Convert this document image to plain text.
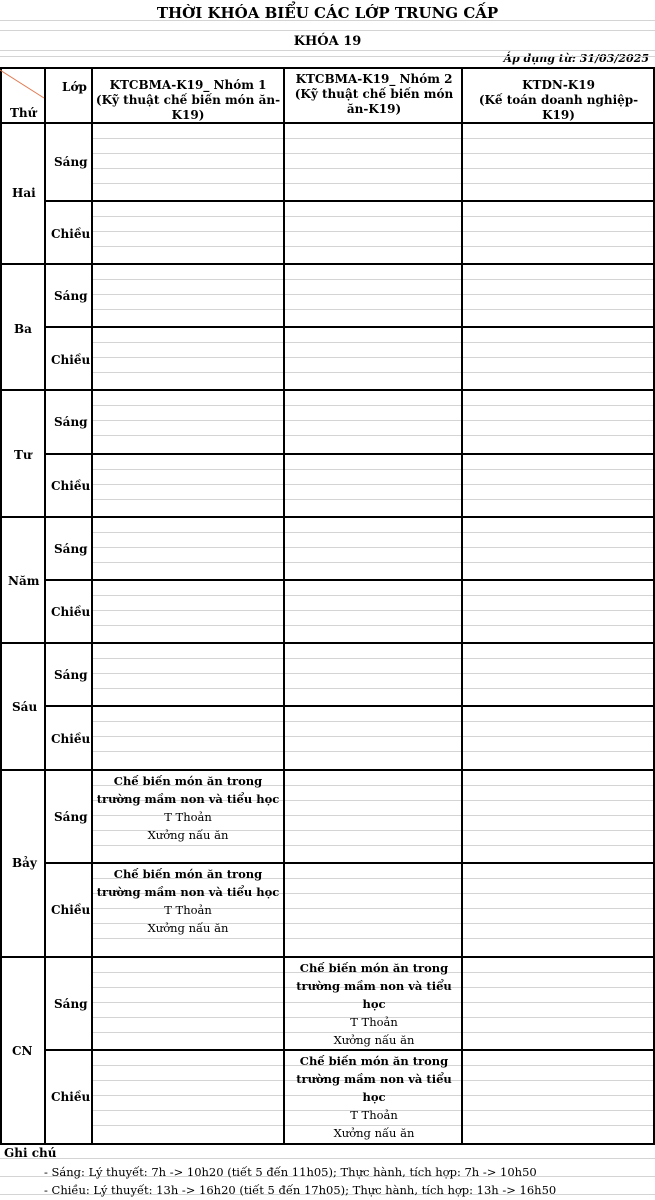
THỜI KHÓA BIỂU CÁC LỚP TRUNG CẤP
KHÓA 19
Áp dụng từ: 31/03/2025
Lớp
Thứ
KTCBMA-K19_ Nhóm 1
(Kỹ thuật chế biến món ăn-K19)
KTCBMA-K19_ Nhóm 2
(Kỹ thuật chế biến món ăn-K19)
KTDN-K19
(Kế toán doanh nghiệp-K19)
Hai
Ba
Tư
Năm
Sáu
Bảy
CN
Sáng
Chiều
Sáng
Chiều
Sáng
Chiều
Sáng
Chiều
Sáng
Chiều
Sáng
Chiều
Sáng
Chiều
Chế biến món ăn trong trường mầm non và tiểu học
T Thoản
Xưởng nấu ăn
Chế biến món ăn trong trường mầm non và tiểu học
T Thoản
Xưởng nấu ăn
Chế biến món ăn trong trường mầm non và tiểu học
T Thoản
Xưởng nấu ăn
Chế biến món ăn trong trường mầm non và tiểu học
T Thoản
Xưởng nấu ăn
Ghi chú
- Sáng: Lý thuyết: 7h -> 10h20 (tiết 5 đến 11h05); Thực hành, tích hợp: 7h -> 10h50
- Chiều: Lý thuyết: 13h -> 16h20 (tiết 5 đến 17h05); Thực hành, tích hợp: 13h -> 16h50
